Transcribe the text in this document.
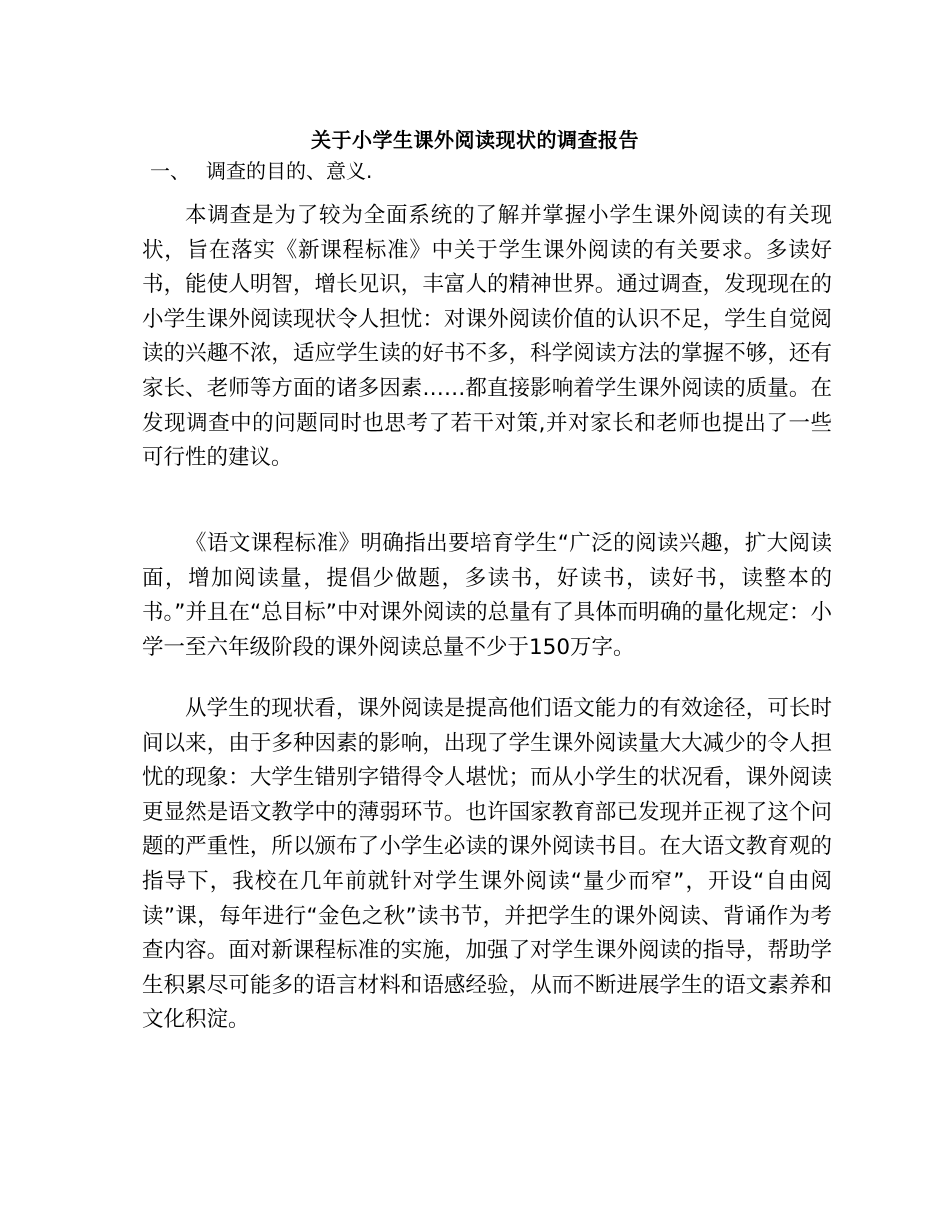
关于小学生课外阅读现状的调查报告
一、 调查的目的、意义.

本调查是为了较为全面系统的了解并掌握小学生课外阅读的有关现状，旨在落实《新课程标准》中关于学生课外阅读的有关要求。多读好书，能使人明智，增长见识，丰富人的精神世界。通过调查，发现现在的小学生课外阅读现状令人担忧：对课外阅读价值的认识不足，学生自觉阅读的兴趣不浓，适应学生读的好书不多，科学阅读方法的掌握不够，还有家长、老师等方面的诸多因素……都直接影响着学生课外阅读的质量。在发现调查中的问题同时也思考了若干对策,并对家长和老师也提出了一些可行性的建议。

《语文课程标准》明确指出要培育学生“广泛的阅读兴趣，扩大阅读面，增加阅读量，提倡少做题，多读书，好读书，读好书，读整本的书。”并且在“总目标”中对课外阅读的总量有了具体而明确的量化规定：小学一至六年级阶段的课外阅读总量不少于150万字。

从学生的现状看，课外阅读是提高他们语文能力的有效途径，可长时间以来，由于多种因素的影响，出现了学生课外阅读量大大减少的令人担忧的现象：大学生错别字错得令人堪忧；而从小学生的状况看，课外阅读更显然是语文教学中的薄弱环节。也许国家教育部已发现并正视了这个问题的严重性，所以颁布了小学生必读的课外阅读书目。在大语文教育观的指导下，我校在几年前就针对学生课外阅读“量少而窄”，开设“自由阅读”课，每年进行“金色之秋”读书节，并把学生的课外阅读、背诵作为考查内容。面对新课程标准的实施，加强了对学生课外阅读的指导，帮助学生积累尽可能多的语言材料和语感经验，从而不断进展学生的语文素养和文化积淀。
